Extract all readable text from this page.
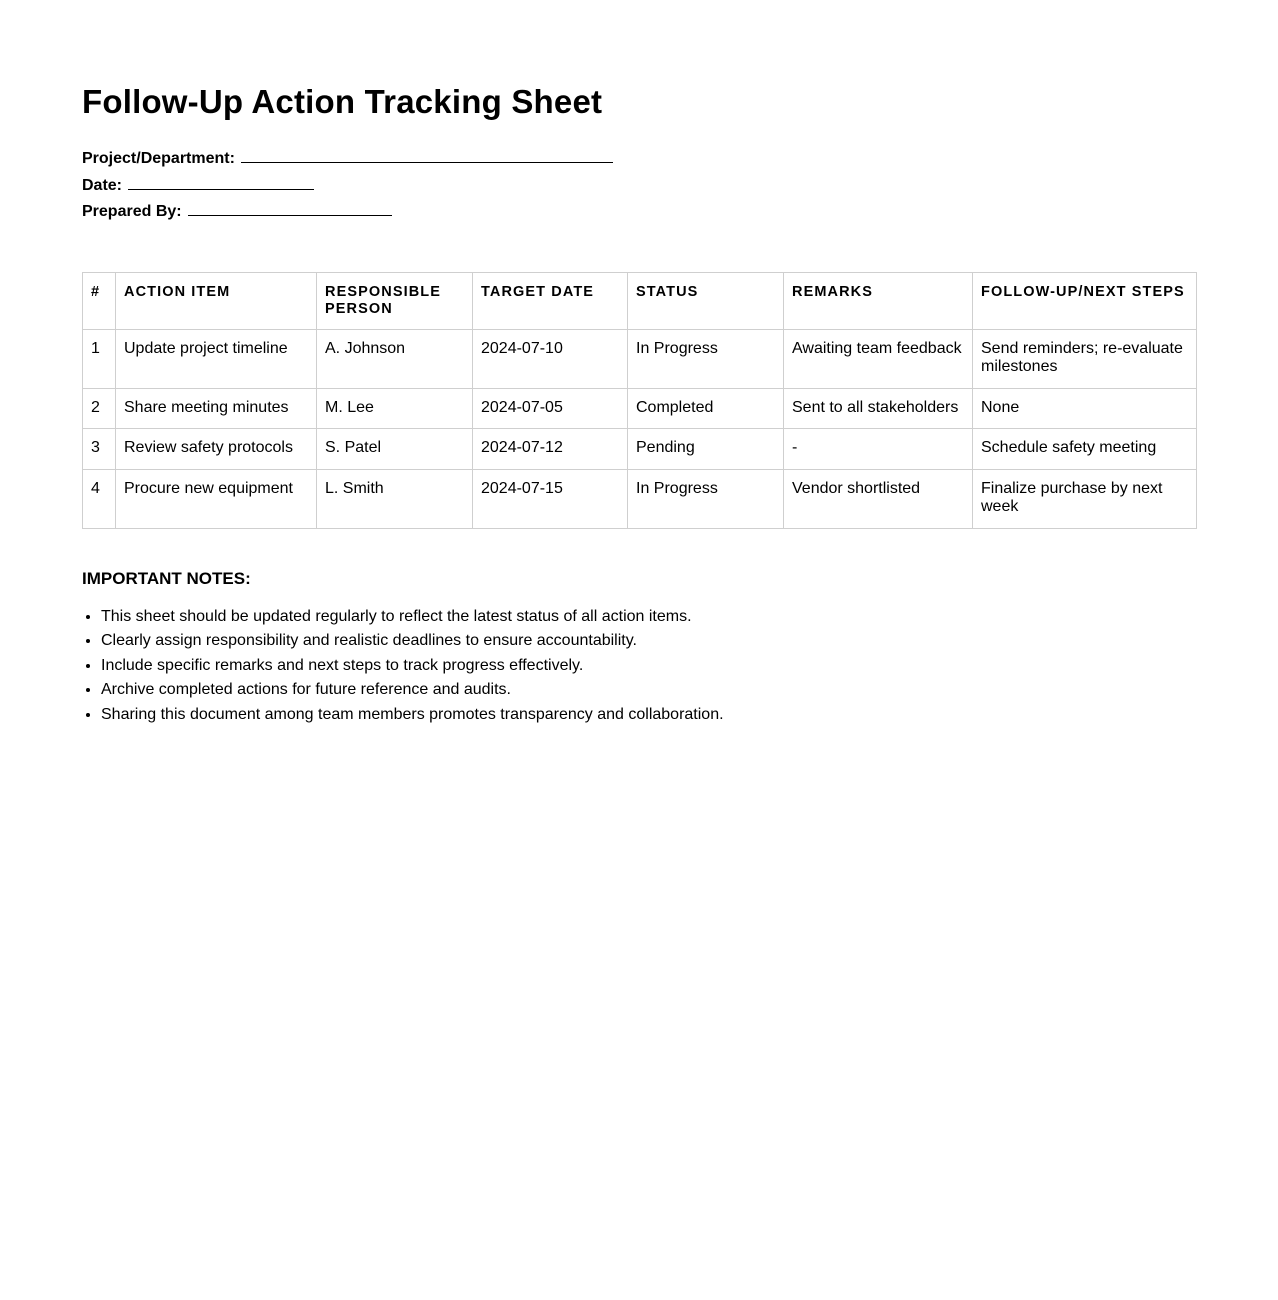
Follow-Up Action Tracking Sheet
Project/Department:
Date:
Prepared By:
#	ACTION ITEM	RESPONSIBLE PERSON	TARGET DATE	STATUS	REMARKS	FOLLOW-UP/NEXT STEPS
1	Update project timeline	A. Johnson	2024-07-10	In Progress	Awaiting team feedback	Send reminders; re-evaluate milestones
2	Share meeting minutes	M. Lee	2024-07-05	Completed	Sent to all stakeholders	None
3	Review safety protocols	S. Patel	2024-07-12	Pending	-	Schedule safety meeting
4	Procure new equipment	L. Smith	2024-07-15	In Progress	Vendor shortlisted	Finalize purchase by next week
IMPORTANT NOTES:
• This sheet should be updated regularly to reflect the latest status of all action items.
• Clearly assign responsibility and realistic deadlines to ensure accountability.
• Include specific remarks and next steps to track progress effectively.
• Archive completed actions for future reference and audits.
• Sharing this document among team members promotes transparency and collaboration.
